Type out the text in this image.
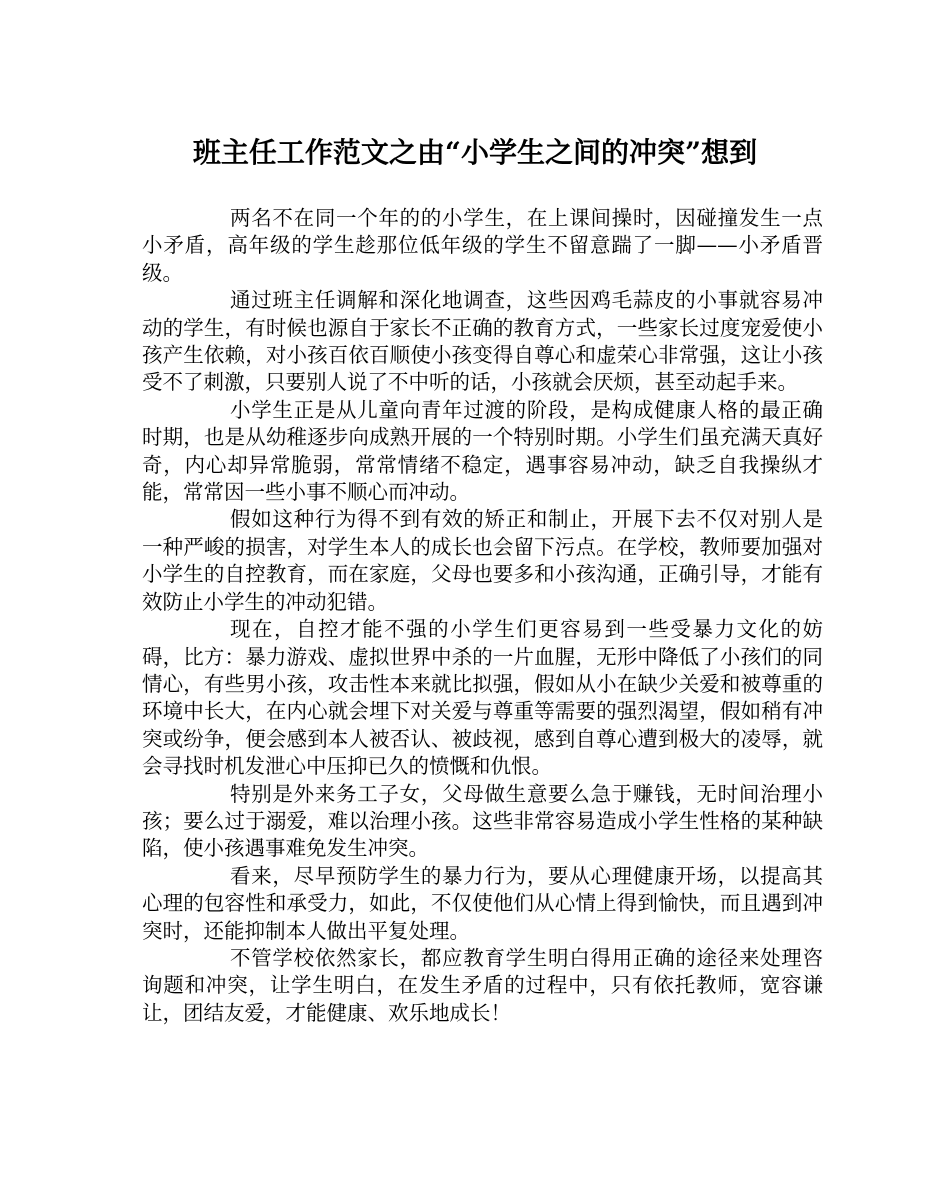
班主任工作范文之由“小学生之间的冲突”想到

两名不在同一个年的的小学生，在上课间操时，因碰撞发生一点小矛盾，高年级的学生趁那位低年级的学生不留意踹了一脚——小矛盾晋级。

通过班主任调解和深化地调查，这些因鸡毛蒜皮的小事就容易冲动的学生，有时候也源自于家长不正确的教育方式，一些家长过度宠爱使小孩产生依赖，对小孩百依百顺使小孩变得自尊心和虚荣心非常强，这让小孩受不了刺激，只要别人说了不中听的话，小孩就会厌烦，甚至动起手来。

小学生正是从儿童向青年过渡的阶段，是构成健康人格的最正确时期，也是从幼稚逐步向成熟开展的一个特别时期。小学生们虽充满天真好奇，内心却异常脆弱，常常情绪不稳定，遇事容易冲动，缺乏自我操纵才能，常常因一些小事不顺心而冲动。

假如这种行为得不到有效的矫正和制止，开展下去不仅对别人是一种严峻的损害，对学生本人的成长也会留下污点。在学校，教师要加强对小学生的自控教育，而在家庭，父母也要多和小孩沟通，正确引导，才能有效防止小学生的冲动犯错。

现在，自控才能不强的小学生们更容易到一些受暴力文化的妨碍，比方：暴力游戏、虚拟世界中杀的一片血腥，无形中降低了小孩们的同情心，有些男小孩，攻击性本来就比拟强，假如从小在缺少关爱和被尊重的环境中长大，在内心就会埋下对关爱与尊重等需要的强烈渴望，假如稍有冲突或纷争，便会感到本人被否认、被歧视，感到自尊心遭到极大的凌辱，就会寻找时机发泄心中压抑已久的愤慨和仇恨。

特别是外来务工子女，父母做生意要么急于赚钱，无时间治理小孩；要么过于溺爱，难以治理小孩。这些非常容易造成小学生性格的某种缺陷，使小孩遇事难免发生冲突。

看来，尽早预防学生的暴力行为，要从心理健康开场，以提高其心理的包容性和承受力，如此，不仅使他们从心情上得到愉快，而且遇到冲突时，还能抑制本人做出平复处理。

不管学校依然家长，都应教育学生明白得用正确的途径来处理咨询题和冲突，让学生明白，在发生矛盾的过程中，只有依托教师，宽容谦让，团结友爱，才能健康、欢乐地成长！
